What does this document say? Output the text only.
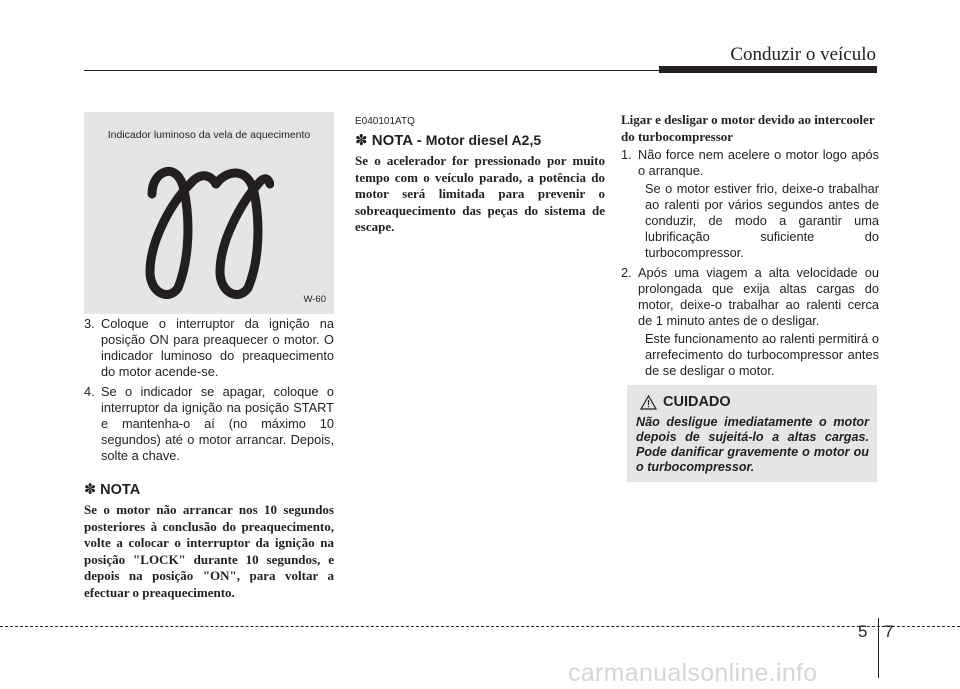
Conduzir o veículo
Indicador luminoso da vela de aquecimento
W-60
3. Coloque o interruptor da ignição na posição ON para preaquecer o motor. O indicador luminoso do preaquecimento do motor acende-se.
4. Se o indicador se apagar, coloque o interruptor da ignição na posição START e mantenha-o aí (no máximo 10 segundos) até o motor arrancar. Depois, solte a chave.
✽ NOTA
Se o motor não arrancar nos 10 segundos posteriores à conclusão do preaquecimento, volte a colocar o interruptor da ignição na posição "LOCK" durante 10 segundos, e depois na posição "ON", para voltar a efectuar o preaquecimento.
E040101ATQ
✽ NOTA - Motor diesel A2,5
Se o acelerador for pressionado por muito tempo com o veículo parado, a potência do motor será limitada para prevenir o sobreaquecimento das peças do sistema de escape.
Ligar e desligar o motor devido ao intercooler do turbocompressor
1. Não force nem acelere o motor logo após o arranque.
Se o motor estiver frio, deixe-o trabalhar ao ralenti por vários segundos antes de conduzir, de modo a garantir uma lubrificação suficiente do turbocompressor.
2. Após uma viagem a alta velocidade ou prolongada que exija altas cargas do motor, deixe-o trabalhar ao ralenti cerca de 1 minuto antes de o desligar.
Este funcionamento ao ralenti permitirá o arrefecimento do turbocompressor antes de se desligar o motor.
CUIDADO
Não desligue imediatamente o motor depois de sujeitá-lo a altas cargas. Pode danificar gravemente o motor ou o turbocompressor.
5 7
carmanualsonline.info
